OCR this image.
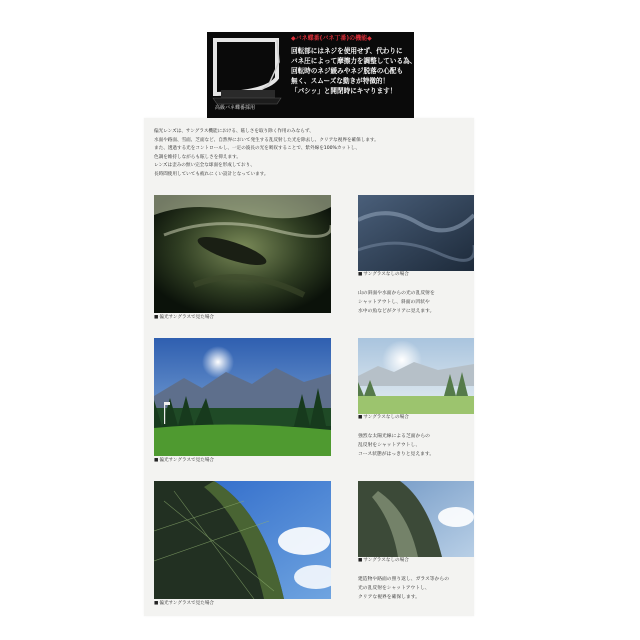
高級バネ蝶番採用
◆バネ蝶番(バネ丁番)の機能◆
回転部にはネジを使用せず、代わりに
バネ圧によって摩擦力を調整している為、
回転時のネジ緩みやネジ脱落の心配も
無く、スムーズな動きが特徴的！
「パシッ」と開閉時にキマります！
偏光レンズは、サングラス機能における、眩しさを取り除く作用のみならず、
水面や路面、雪面、芝面など、自然界において発生する乱反射した光を除去し、クリアな視界を確保します。
また、透過する光をコントロールし、一定の波長の光を吸収することで、紫外線を100%カットし、
色調を維持しながらも眩しさを抑えます。
レンズは歪みの無い完全な球面を形成しており、
長時間使用していても疲れにくい設計となっています。
■ 偏光サングラスで見た場合
■ サングラスなしの場合
山の斜面や水面からの光の乱反射を
シャットアウトし、斜面の凹状や
水中の魚などがクリアに見えます。
■ 偏光サングラスで見た場合
■ サングラスなしの場合
強烈な太陽光線による芝面からの
乱反射をシャットアウトし、
コース状態がはっきりと見えます。
■ 偏光サングラスで見た場合
■ サングラスなしの場合
建造物や路面の照り返し、ガラス等からの
光の乱反射をシャットアウトし、
クリアな視界を確保します。
